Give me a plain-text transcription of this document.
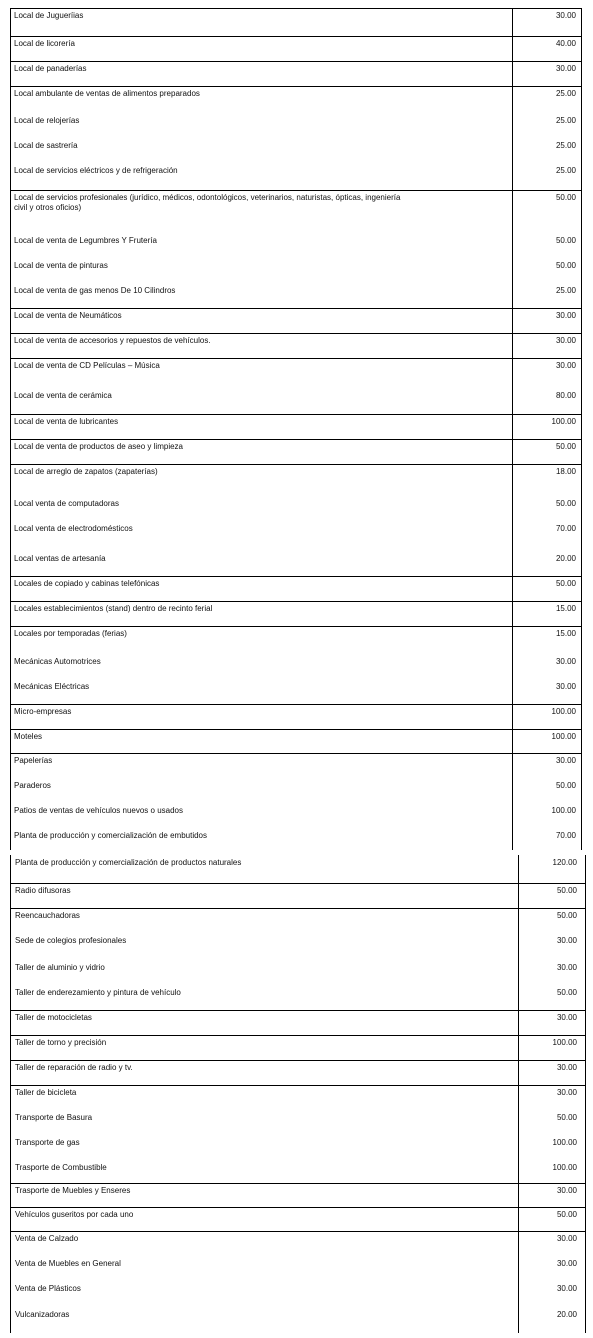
Local de Jugueríias	30.00
Local de licorería	40.00
Local de panaderías	30.00
Local ambulante de ventas de alimentos preparados	25.00
Local de relojerías	25.00
Local de sastrería	25.00
Local de servicios eléctricos y de refrigeración	25.00
Local de servicios profesionales (jurídico, médicos, odontológicos, veterinarios, naturistas, ópticas, ingeniería
civil y otros oficios)
50.00
Local de venta de Legumbres Y Frutería	50.00
Local de venta de pinturas	50.00
Local de venta de gas menos De 10 Cilindros	25.00
Local de venta de Neumáticos	30.00
Local de venta de accesorios y repuestos de vehículos.	30.00
Local de venta de CD Películas – Música	30.00
Local de venta de cerámica	80.00
Local de venta de lubricantes	100.00
Local de venta de productos de aseo y limpieza	50.00
Local de arreglo de zapatos (zapaterías)	18.00
Local venta de computadoras	50.00
Local venta de electrodomésticos	70.00
Local ventas de artesanía	20.00
Locales de copiado y cabinas telefónicas	50.00
Locales establecimientos (stand) dentro de recinto ferial	15.00
Locales por temporadas (ferias)	15.00
Mecánicas Automotrices	30.00
Mecánicas Eléctricas	30.00
Micro-empresas	100.00
Moteles	100.00
Papelerías	30.00
Paraderos	50.00
Patios de ventas de vehículos nuevos o usados	100.00
Planta de producción y comercialización de embutidos	70.00
Planta de producción y comercialización de productos naturales	120.00
Radio difusoras	50.00
Reencauchadoras	50.00
Sede de colegios profesionales	30.00
Taller de aluminio y vidrio	30.00
Taller de enderezamiento y pintura de vehículo	50.00
Taller de motocicletas	30.00
Taller de torno y precisión	100.00
Taller de reparación de radio y tv.	30.00
Taller de bicicleta	30.00
Transporte de Basura	50.00
Transporte de gas	100.00
Trasporte de Combustible	100.00
Trasporte de Muebles y Enseres	30.00
Vehículos guseritos por cada uno	50.00
Venta de Calzado	30.00
Venta de Muebles en General	30.00
Venta de Plásticos	30.00
Vulcanizadoras	20.00
